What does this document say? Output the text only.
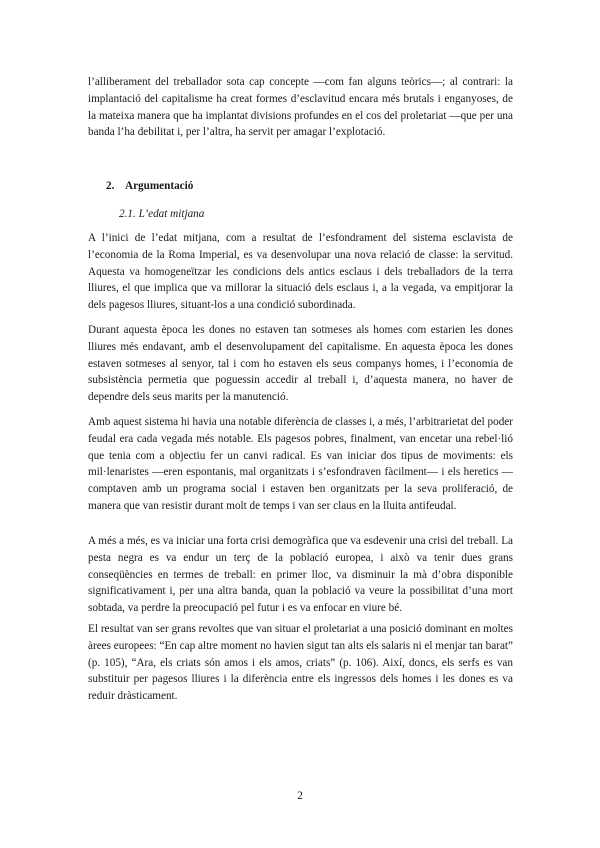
l’alliberament del treballador sota cap concepte —com fan alguns teòrics—; al contrari: la implantació del capitalisme ha creat formes d’esclavitud encara més brutals i enganyoses, de la mateixa manera que ha implantat divisions profundes en el cos del proletariat —que per una banda l’ha debilitat i, per l’altra, ha servit per amagar l’explotació.

2. Argumentació
2.1. L’edat mitjana

A l’inici de l’edat mitjana, com a resultat de l’esfondrament del sistema esclavista de l’economia de la Roma Imperial, es va desenvolupar una nova relació de classe: la servitud. Aquesta va homogeneïtzar les condicions dels antics esclaus i dels treballadors de la terra lliures, el que implica que va millorar la situació dels esclaus i, a la vegada, va empitjorar la dels pagesos lliures, situant-los a una condició subordinada.

Durant aquesta època les dones no estaven tan sotmeses als homes com estarien les dones lliures més endavant, amb el desenvolupament del capitalisme. En aquesta època les dones estaven sotmeses al senyor, tal i com ho estaven els seus companys homes, i l’economia de subsistència permetia que poguessin accedir al treball i, d’aquesta manera, no haver de dependre dels seus marits per la manutenció.

Amb aquest sistema hi havia una notable diferència de classes i, a més, l’arbitrarietat del poder feudal era cada vegada més notable. Els pagesos pobres, finalment, van encetar una rebel·lió que tenia com a objectiu fer un canvi radical. Es van iniciar dos tipus de moviments: els mil·lenaristes —eren espontanis, mal organitzats i s’esfondraven fàcilment— i els heretics —comptaven amb un programa social i estaven ben organitzats per la seva proliferació, de manera que van resistir durant molt de temps i van ser claus en la lluita antifeudal.

A més a més, es va iniciar una forta crisi demogràfica que va esdevenir una crisi del treball. La pesta negra es va endur un terç de la població europea, i això va tenir dues grans conseqüències en termes de treball: en primer lloc, va disminuir la mà d’obra disponible significativament i, per una altra banda, quan la població va veure la possibilitat d’una mort sobtada, va perdre la preocupació pel futur i es va enfocar en viure bé.

El resultat van ser grans revoltes que van situar el proletariat a una posició dominant en moltes àrees europees: “En cap altre moment no havien sigut tan alts els salaris ni el menjar tan barat” (p. 105), “Ara, els criats són amos i els amos, criats” (p. 106). Així, doncs, els serfs es van substituir per pagesos lliures i la diferència entre els ingressos dels homes i les dones es va reduir dràsticament.

2
